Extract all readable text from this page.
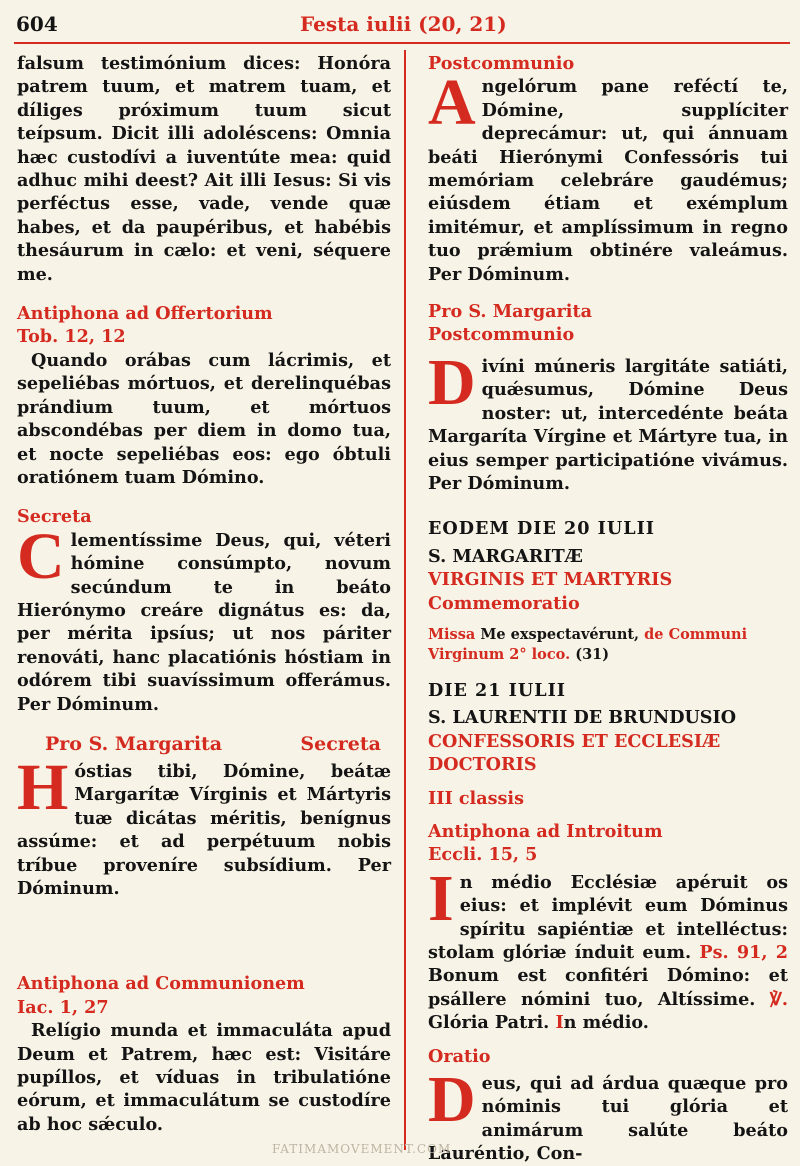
604	Festa iulii (20, 21)

falsum testimónium dices: Honóra patrem tuum, et matrem tuam, et díliges próximum tuum sicut teípsum. Dicit illi adoléscens: Omnia hæc custodívi a iuventúte mea: quid adhuc mihi deest? Ait illi Iesus: Si vis perféctus esse, vade, vende quæ habes, et da paupéribus, et habébis thesáurum in cælo: et veni, séquere me.

Antiphona ad Offertorium

Tob. 12, 12

Quando orábas cum lácrimis, et sepeliébas mórtuos, et derelinquébas prándium tuum, et mórtuos abscondébas per diem in domo tua, et nocte sepeliébas eos: ego óbtuli oratiónem tuam Dómino.

Secreta

Clementíssime Deus, qui, véteri hómine consúmpto, novum secúndum te in beáto Hierónymo creáre dignátus es: da, per mérita ipsíus; ut nos páriter renováti, hanc placatiónis hóstiam in odórem tibi suavíssimum offerámus. Per Dóminum.

Pro S. Margarita	Secreta

Hóstias tibi, Dómine, beátæ Margarítæ Vírginis et Mártyris tuæ dicátas méritis, benígnus assúme: et ad perpétuum nobis tríbue proveníre subsídium. Per Dóminum.

Antiphona ad Communionem

Iac. 1, 27

Relígio munda et immaculáta apud Deum et Patrem, hæc est: Visitáre pupíllos, et víduas in tribulatióne eórum, et immaculátum se custodíre ab hoc sǽculo.

Postcommunio

Angelórum pane reféctí te, Dómine, supplíciter deprecámur: ut, qui ánnuam beáti Hierónymi Confessóris tui memóriam celebráre gaudémus; eiúsdem étiam et exémplum imitémur, et amplíssimum in regno tuo prǽmium obtinére valeámus. Per Dóminum.

Pro S. Margarita

Postcommunio

Divíni múneris largitáte satiáti, quǽsumus, Dómine Deus noster: ut, intercedénte beáta Margaríta Vírgine et Mártyre tua, in eius semper participatióne vivámus. Per Dóminum.

EODEM DIE 20 IULII

S. MARGARITÆ

VIRGINIS ET MARTYRIS

Commemoratio

Missa Me exspectavérunt, de Communi Virginum 2° loco. (31)

DIE 21 IULII

S. LAURENTII DE BRUNDUSIO

CONFESSORIS ET ECCLESIÆ

DOCTORIS

III classis

Antiphona ad Introitum

Eccli. 15, 5

In médio Ecclésiæ apéruit os eius: et implévit eum Dóminus spíritu sapiéntiæ et intelléctus: stolam glóriæ índuit eum. Ps. 91, 2 Bonum est confitéri Dómino: et psállere nómini tuo, Altíssime. ℣. Glória Patri. In médio.

Oratio

Deus, qui ad árdua quæque pro nóminis tui glória et animárum salúte beáto Lauréntio, Con-

FATIMAMOVEMENT.COM
